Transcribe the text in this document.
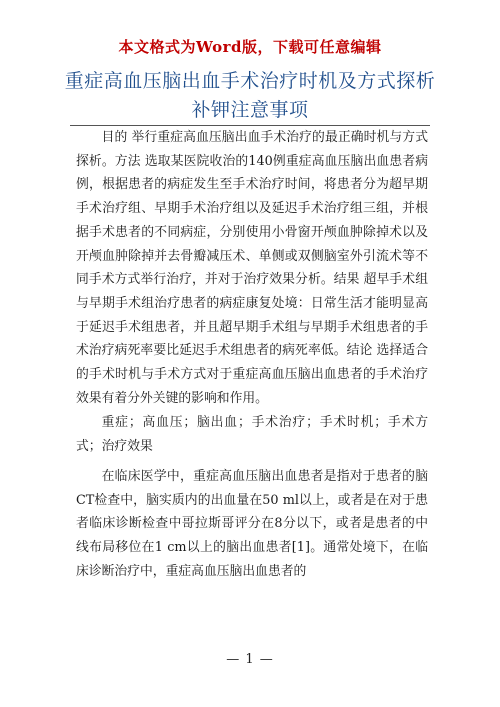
本文格式为Word版，下载可任意编辑
重症高血压脑出血手术治疗时机及方式探析补钾注意事项

目的 举行重症高血压脑出血手术治疗的最正确时机与方式探析。方法 选取某医院收治的140例重症高血压脑出血患者病例，根据患者的病症发生至手术治疗时间，将患者分为超早期手术治疗组、早期手术治疗组以及延迟手术治疗组三组，并根据手术患者的不同病症，分别使用小骨窗开颅血肿除掉术以及开颅血肿除掉并去骨瓣减压术、单侧或双侧脑室外引流术等不同手术方式举行治疗，并对于治疗效果分析。结果 超早手术组与早期手术组治疗患者的病症康复处境：日常生活才能明显高于延迟手术组患者，并且超早期手术组与早期手术组患者的手术治疗病死率要比延迟手术组患者的病死率低。结论 选择适合的手术时机与手术方式对于重症高血压脑出血患者的手术治疗效果有着分外关键的影响和作用。

重症；高血压；脑出血；手术治疗；手术时机；手术方式；治疗效果

在临床医学中，重症高血压脑出血患者是指对于患者的脑CT检查中，脑实质内的出血量在50 ml以上，或者是在对于患者临床诊断检查中哥拉斯哥评分在8分以下，或者是患者的中线布局移位在1 cm以上的脑出血患者[1]。通常处境下，在临床诊断治疗中，重症高血压脑出血患者的

— 1 —
